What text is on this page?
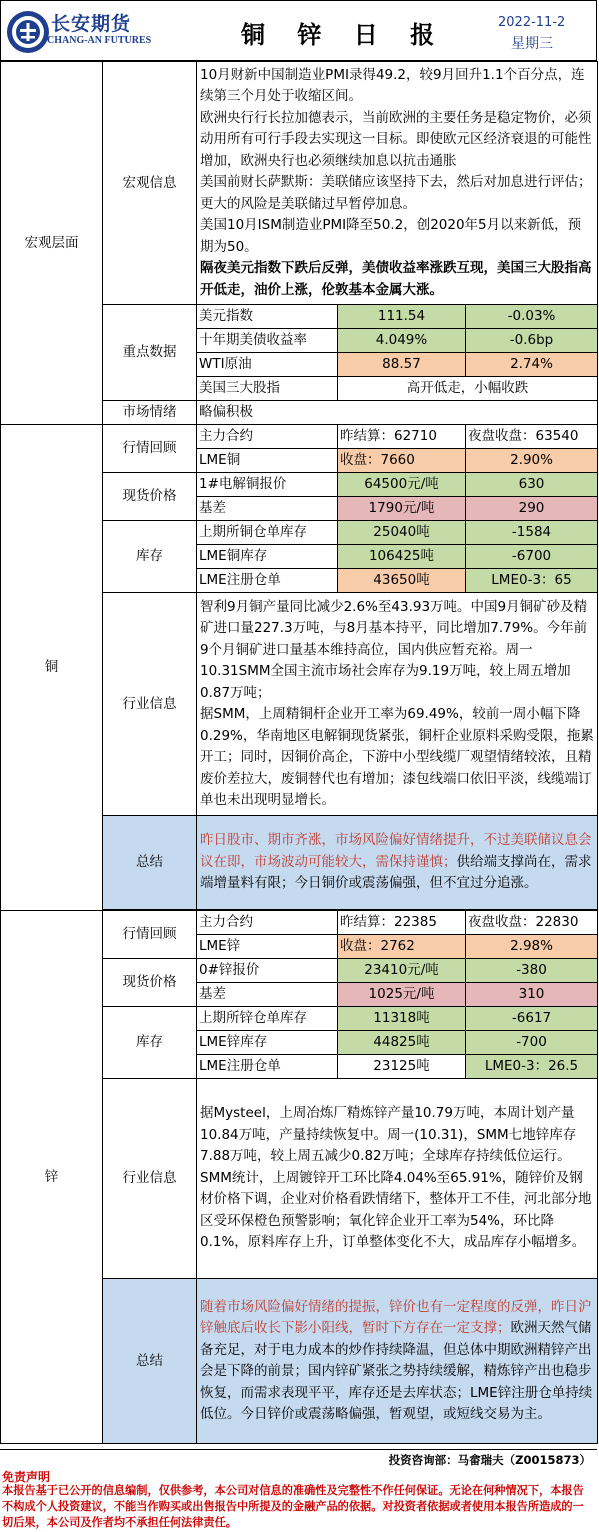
长安期货
CHANG-AN FUTURES	铜 锌 日 报	2022-11-2
星期三
宏观层面	宏观信息	10月财新中国制造业PMI录得49.2，较9月回升1.1个百分点，连续第三个月处于收缩区间。
欧洲央行行长拉加德表示，当前欧洲的主要任务是稳定物价，必须动用所有可行手段去实现这一目标。即使欧元区经济衰退的可能性增加，欧洲央行也必须继续加息以抗击通胀
美国前财长萨默斯：美联储应该坚持下去，然后对加息进行评估；更大的风险是美联储过早暂停加息。
美国10月ISM制造业PMI降至50.2，创2020年5月以来新低，预期为50。
隔夜美元指数下跌后反弹，美债收益率涨跌互现，美国三大股指高开低走，油价上涨，伦敦基本金属大涨。		

	重点数据	美元指数	111.54	-0.03%
		十年期美债收益率	4.049%	-0.6bp
		WTI原油	88.57	2.74%
		美国三大股指	高开低走，小幅收跌	
	市场情绪	略偏积极		
铜	行情回顾	主力合约	昨结算：62710	夜盘收盘：63540
		LME铜	收盘：7660	2.90%
	现货价格	1#电解铜报价	64500元/吨	630
		基差	1790元/吨	290
	库存	上期所铜仓单库存	25040吨	-1584
		LME铜库存	106425吨	-6700
		LME注册仓单	43650吨	LME0-3：65
	行业信息	智利9月铜产量同比减少2.6%至43.93万吨。中国9月铜矿砂及精矿进口量227.3万吨，与8月基本持平，同比增加7.79%。今年前9个月铜矿进口量基本维持高位，国内供应暂充裕。周一10.31SMM全国主流市场社会库存为9.19万吨，较上周五增加0.87万吨；
据SMM，上周精铜杆企业开工率为69.49%，较前一周小幅下降0.29%，华南地区电解铜现货紧张，铜杆企业原料采购受限，拖累开工；同时，因铜价高企，下游中小型线缆厂观望情绪较浓，且精废价差拉大，废铜替代也有增加；漆包线端口依旧平淡，线缆端订单也未出现明显增长。		

	总结	昨日股市、期市齐涨，市场风险偏好情绪提升，不过美联储议息会议在即，市场波动可能较大，需保持谨慎；供给端支撑尚在，需求端增量料有限；今日铜价或震荡偏强，但不宜过分追涨。		

锌	行情回顾	主力合约	昨结算：22385	夜盘收盘：22830
		LME锌	收盘：2762	2.98%
	现货价格	0#锌报价	23410元/吨	-380
		基差	1025元/吨	310
	库存	上期所锌仓单库存	11318吨	-6617
		LME锌库存	44825吨	-700
		LME注册仓单	23125吨	LME0-3：26.5
	行业信息	据Mysteel，上周冶炼厂精炼锌产量10.79万吨，本周计划产量10.84万吨，产量持续恢复中。周一(10.31)，SMM七地锌库存7.88万吨，较上周五减少0.82万吨；全球库存持续低位运行。
SMM统计，上周镀锌开工环比降4.04%至65.91%，随锌价及钢材价格下调，企业对价格看跌情绪下，整体开工不佳，河北部分地区受环保橙色预警影响；氧化锌企业开工率为54%，环比降0.1%，原料库存上升，订单整体变化不大，成品库存小幅增多。		

	总结	随着市场风险偏好情绪的提振，锌价也有一定程度的反弹，昨日沪锌触底后收长下影小阳线，暂时下方存在一定支撑；欧洲天然气储备充足，对于电力成本的炒作持续降温，但总体中期欧洲精锌产出会是下降的前景；国内锌矿紧张之势持续缓解，精炼锌产出也稳步恢复，而需求表现平平，库存还是去库状态；LME锌注册仓单持续低位。今日锌价或震荡略偏强，暂观望，或短线交易为主。		
投资咨询部：马畲瑞夫（Z0015873）
免责声明
本报告基于已公开的信息编制，仅供参考，本公司对信息的准确性及完整性不作任何保证。无论在何种情况下，本报告不构成个人投资建议，不能当作购买或出售报告中所提及的金融产品的依据。对投资者依据或者使用本报告所造成的一切后果，本公司及作者均不承担任何法律责任。
